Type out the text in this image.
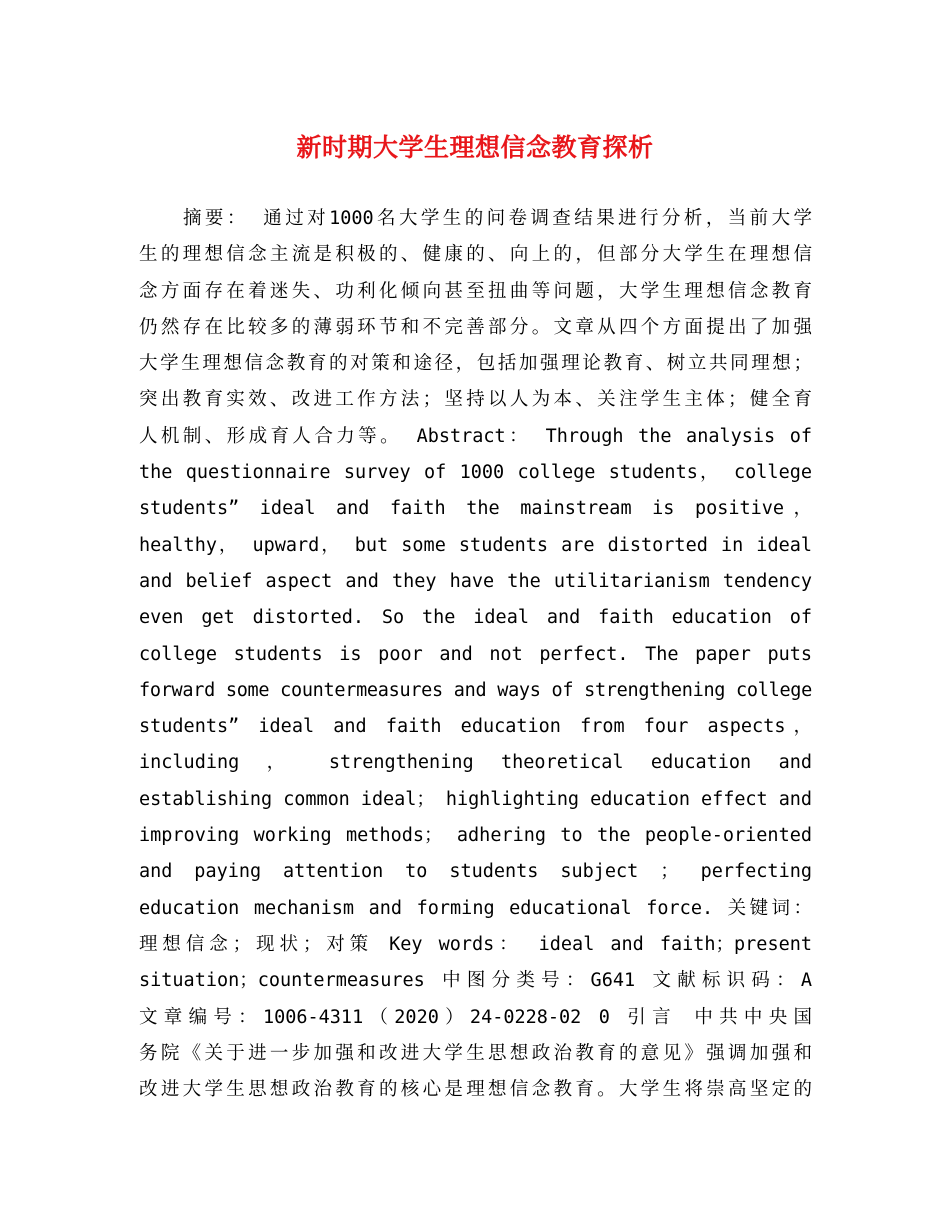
新时期大学生理想信念教育探析
摘要： 通过对1000名大学生的问卷调查结果进行分析，当前大学
生的理想信念主流是积极的、健康的、向上的，但部分大学生在理想信
念方面存在着迷失、功利化倾向甚至扭曲等问题，大学生理想信念教育
仍然存在比较多的薄弱环节和不完善部分。文章从四个方面提出了加强
大学生理想信念教育的对策和途径，包括加强理论教育、树立共同理想；
突出教育实效、改进工作方法；坚持以人为本、关注学生主体；健全育
人机制、形成育人合力等。 Abstract： Through the analysis of
the questionnaire survey of 1000 college students， college
students” ideal and faith the mainstream is positive，
healthy， upward， but some students are distorted in ideal
and belief aspect and they have the utilitarianism tendency
even get distorted. So the ideal and faith education of
college students is poor and not perfect. The paper puts
forward some countermeasures and ways of strengthening college
students” ideal and faith education from four aspects，
including ， strengthening theoretical education and
establishing common ideal； highlighting education effect and
improving working methods； adhering to the people-oriented
and paying attention to students subject ； perfecting
education mechanism and forming educational force. 关键词：
理想信念；现状；对策 Key words： ideal and faith；present
situation；countermeasures 中图分类号：G641 文献标识码：A
文章编号：1006-4311（2020）24-0228-02 0 引言 中共中央国
务院《关于进一步加强和改进大学生思想政治教育的意见》强调加强和
改进大学生思想政治教育的核心是理想信念教育。大学生将崇高坚定的
